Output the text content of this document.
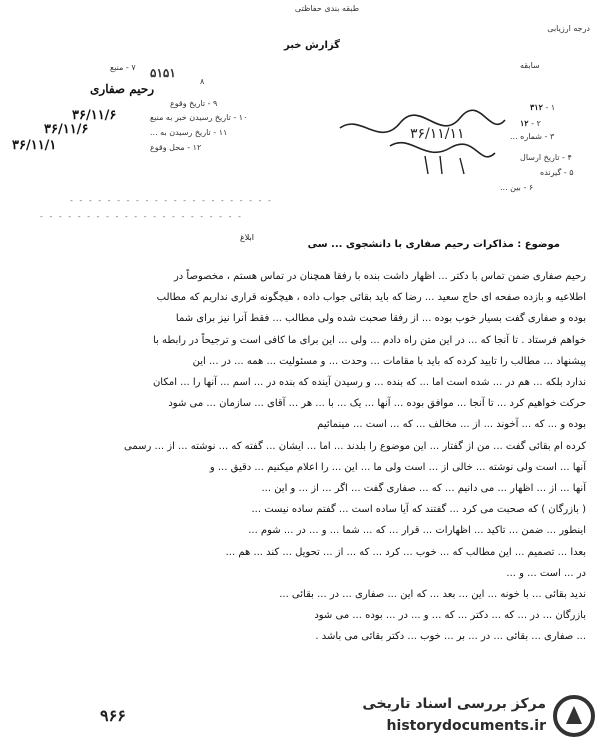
طبقه بندی حفاظتی
گزارش خبر
درجه ارزیابی
۷ - منبع	۵۱۵۱
۸
رحیم صفاری
۹ - تاریخ وقوع
۱۰ - تاریخ رسیدن خبر به منبع
۳۶/۱۱/۶
۱۱ - تاریخ رسیدن به ...
۳۶/۱۱/۶
۱۲ - محل وقوع
۳۶/۱۱/۱
سابقه
۱ - ۳۱۲
۲ - ۱۲
۳ - شماره ...
۴ - تاریخ ارسال
۵ - گیرنده
۶ - بین ...
- - - - - - - - - - - - - - - - - - - - - -
- - - - - - - - - - - - - - - - - - - - - -
۳۶/۱۱/۱۱
ابلاغ
موضوع : مذاکرات رحیم صفاری با دانشجوی ... سی

رحیم صفاری ضمن تماس با دکتر ... اظهار داشت بنده با رفقا همچنان در تماس هستم ، مخصوصاً در

اطلاعیه و بازده صفحه ای حاج سعید ... رضا که باید بقائی جواب داده ، هیچگونه قراری نداریم که مطالب

بوده و صفاری گفت بسیار خوب بوده ... از رفقا صحبت شده ولی مطالب ... فقط آنرا نیز برای شما

خواهم فرستاد . تا آنجا که ... در این متن راه دادم ... ولی ... این برای ما کافی است و ترجیحاً در رابطه با

پیشنهاد ... مطالب را تایید کرده که باید با مقامات ... وحدت ... و مسئولیت ... همه ... در ... این

ندارد بلکه ... هم در ... شده است اما ... که بنده ... و رسیدن آینده که بنده در ... اسم ... آنها را ... امکان

حرکت خواهیم کرد ... تا آنجا ... موافق بوده ... آنها ... یک ... با ... هر ... آقای ... سازمان ... می شود

بوده و ... که ... آخوند ... از ... مخالف ... که ... است ... مینمائیم

کرده ام بقائی گفت ... من از گفتار ... این موضوع را بلدند ... اما ... ایشان ... گفته که ... نوشته ... از ... رسمی

آنها ... است ولی نوشته ... خالی از ... است ولی ما ... این ... را اعلام میکنیم ... دقیق ... و

آنها ... از ... اظهار ... می دانیم ... که ... صفاری گفت ... اگر ... از ... و این ...

( بازرگان ) که صحبت می کرد ... گفتند که آیا ساده است ... گفتم ساده نیست ...

اینطور ... ضمن ... تاکید ... اظهارات ... قرار ... که ... شما ... و ... در ... شوم ...

بعدا ... تصمیم ... این مطالب که ... خوب ... کرد ... که ... از ... تحویل ... کند ... هم ...

در ... است ... و ...

ندید بقائی ... با خونه ... این ... بعد ... که این ... صفاری ... در ... بقائی ...

بازرگان ... در ... که ... دکتر ... که ... و ... در ... بوده ... می شود

... صفاری ... بقائی ... در ... بر ... خوب ... دکتر بقائی می باشد .

۹۶۶
مرکز بررسی اسناد تاریخی
historydocuments.ir
